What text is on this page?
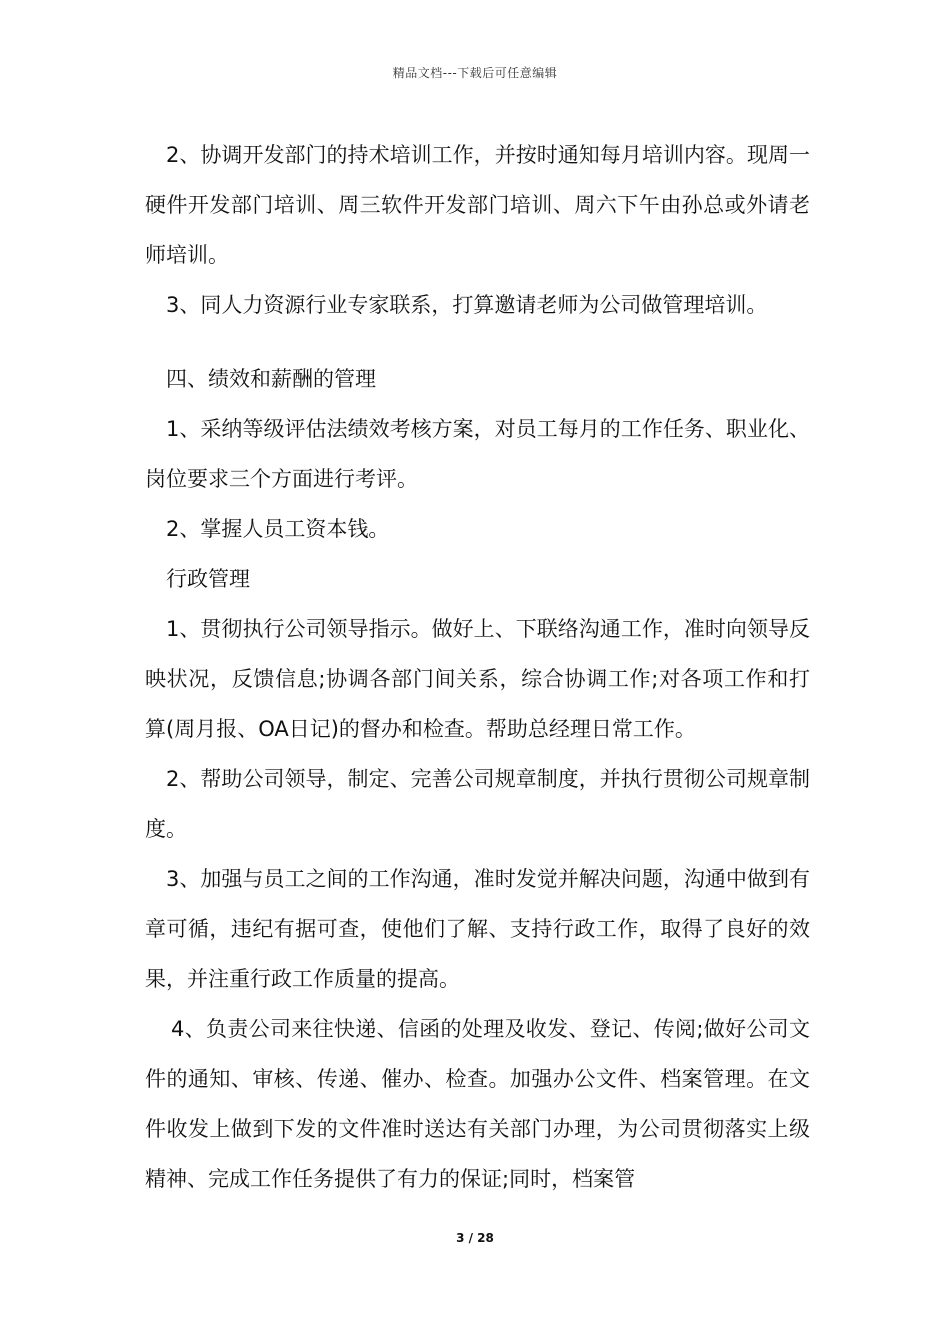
精品文档---下载后可任意编辑

2、协调开发部门的持术培训工作，并按时通知每月培训内容。现周一硬件开发部门培训、周三软件开发部门培训、周六下午由孙总或外请老师培训。

3、同人力资源行业专家联系，打算邀请老师为公司做管理培训。

四、绩效和薪酬的管理

1、采纳等级评估法绩效考核方案，对员工每月的工作任务、职业化、岗位要求三个方面进行考评。

2、掌握人员工资本钱。

行政管理

1、贯彻执行公司领导指示。做好上、下联络沟通工作，准时向领导反映状况，反馈信息;协调各部门间关系，综合协调工作;对各项工作和打算(周月报、OA日记)的督办和检查。帮助总经理日常工作。

2、帮助公司领导，制定、完善公司规章制度，并执行贯彻公司规章制度。

3、加强与员工之间的工作沟通，准时发觉并解决问题，沟通中做到有章可循，违纪有据可查，使他们了解、支持行政工作，取得了良好的效果，并注重行政工作质量的提高。

4、负责公司来往快递、信函的处理及收发、登记、传阅;做好公司文件的通知、审核、传递、催办、检查。加强办公文件、档案管理。在文件收发上做到下发的文件准时送达有关部门办理，为公司贯彻落实上级精神、完成工作任务提供了有力的保证;同时，档案管

3 / 28
